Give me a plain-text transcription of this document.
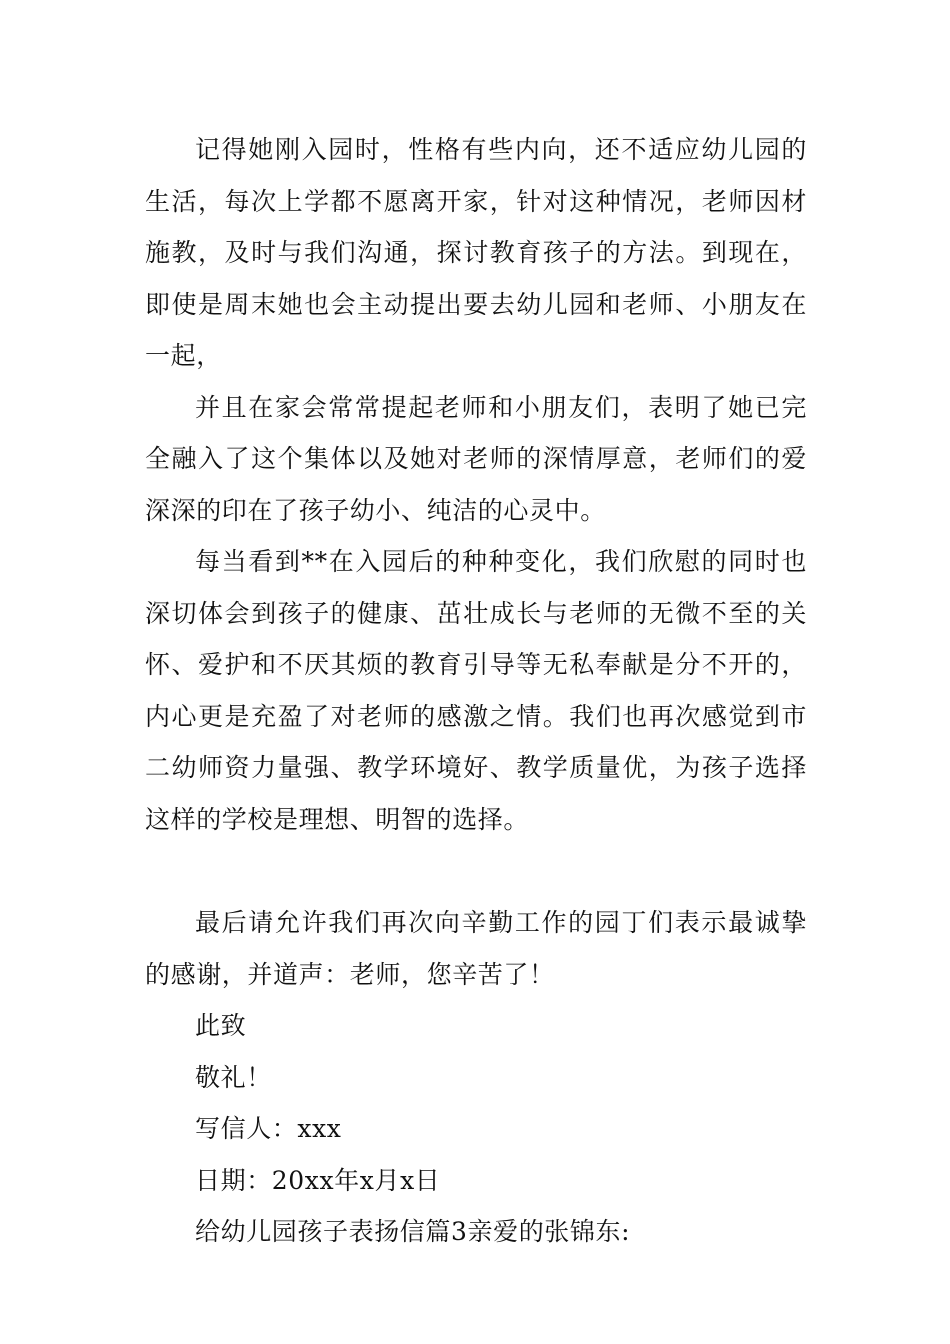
记得她刚入园时，性格有些内向，还不适应幼儿园的生活，每次上学都不愿离开家，针对这种情况，老师因材施教，及时与我们沟通，探讨教育孩子的方法。到现在，即使是周末她也会主动提出要去幼儿园和老师、小朋友在一起，

并且在家会常常提起老师和小朋友们，表明了她已完全融入了这个集体以及她对老师的深情厚意，老师们的爱深深的印在了孩子幼小、纯洁的心灵中。

每当看到**在入园后的种种变化，我们欣慰的同时也深切体会到孩子的健康、茁壮成长与老师的无微不至的关怀、爱护和不厌其烦的教育引导等无私奉献是分不开的，内心更是充盈了对老师的感激之情。我们也再次感觉到市二幼师资力量强、教学环境好、教学质量优，为孩子选择这样的学校是理想、明智的选择。

最后请允许我们再次向辛勤工作的园丁们表示最诚挚的感谢，并道声：老师，您辛苦了！

此致

敬礼！

写信人：xxx

日期：20xx年x月x日

给幼儿园孩子表扬信篇3亲爱的张锦东:
